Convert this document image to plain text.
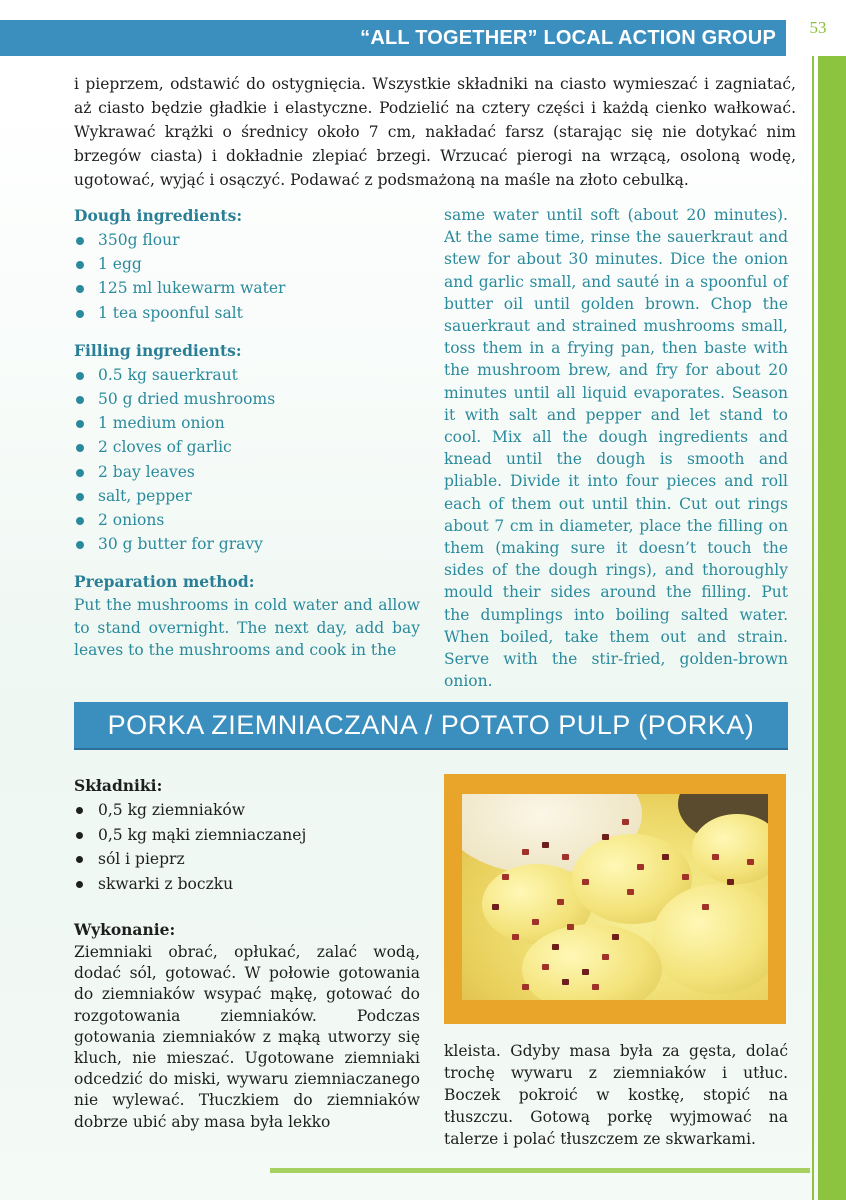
“ALL TOGETHER” LOCAL ACTION GROUP	53

i pieprzem, odstawić do ostygnięcia. Wszystkie składniki na ciasto wymieszać i zagniatać, aż ciasto będzie gładkie i elastyczne. Podzielić na cztery części i każdą cienko wałkować. Wykrawać krążki o średnicy około 7 cm, nakładać farsz (starając się nie dotykać nim brzegów ciasta) i dokładnie zlepiać brzegi. Wrzucać pierogi na wrzącą, osoloną wodę, ugotować, wyjąć i osączyć. Podawać z podsmażoną na maśle na złoto cebulką.

Dough ingredients:

350g flour
1 egg
125 ml lukewarm water
1 tea spoonful salt

Filling ingredients:

0.5 kg sauerkraut
50 g dried mushrooms
1 medium onion
2 cloves of garlic
2 bay leaves
salt, pepper
2 onions
30 g butter for gravy

Preparation method:

Put the mushrooms in cold water and allow to stand overnight. The next day, add bay leaves to the mushrooms and cook in the

same water until soft (about 20 minutes). At the same time, rinse the sauerkraut and stew for about 30 minutes. Dice the onion and garlic small, and sauté in a spoonful of butter oil until golden brown. Chop the sauerkraut and strained mushrooms small, toss them in a frying pan, then baste with the mushroom brew, and fry for about 20 minutes until all liquid evaporates. Season it with salt and pepper and let stand to cool. Mix all the dough ingredients and knead until the dough is smooth and pliable. Divide it into four pieces and roll each of them out until thin. Cut out rings about 7 cm in diameter, place the filling on them (making sure it doesn’t touch the sides of the dough rings), and thoroughly mould their sides around the filling. Put the dumplings into boiling salted water. When boiled, take them out and strain. Serve with the stir-fried, golden-brown onion.

PORKA ZIEMNIACZANA / POTATO PULP (PORKA)

Składniki:

0,5 kg ziemniaków
0,5 kg mąki ziemniaczanej
sól i pieprz
skwarki z boczku

Wykonanie:

Ziemniaki obrać, opłukać, zalać wodą, dodać sól, gotować. W połowie gotowania do ziemniaków wsypać mąkę, gotować do rozgotowania ziemniaków. Podczas gotowania ziemniaków z mąką utworzy się kluch, nie mieszać. Ugotowane ziemniaki odcedzić do miski, wywaru ziemniaczanego nie wylewać. Tłuczkiem do ziemniaków dobrze ubić aby masa była lekko

kleista. Gdyby masa była za gęsta, dolać trochę wywaru z ziemniaków i utłuc. Boczek pokroić w kostkę, stopić na tłuszczu. Gotową porkę wyjmować na talerze i polać tłuszczem ze skwarkami.
